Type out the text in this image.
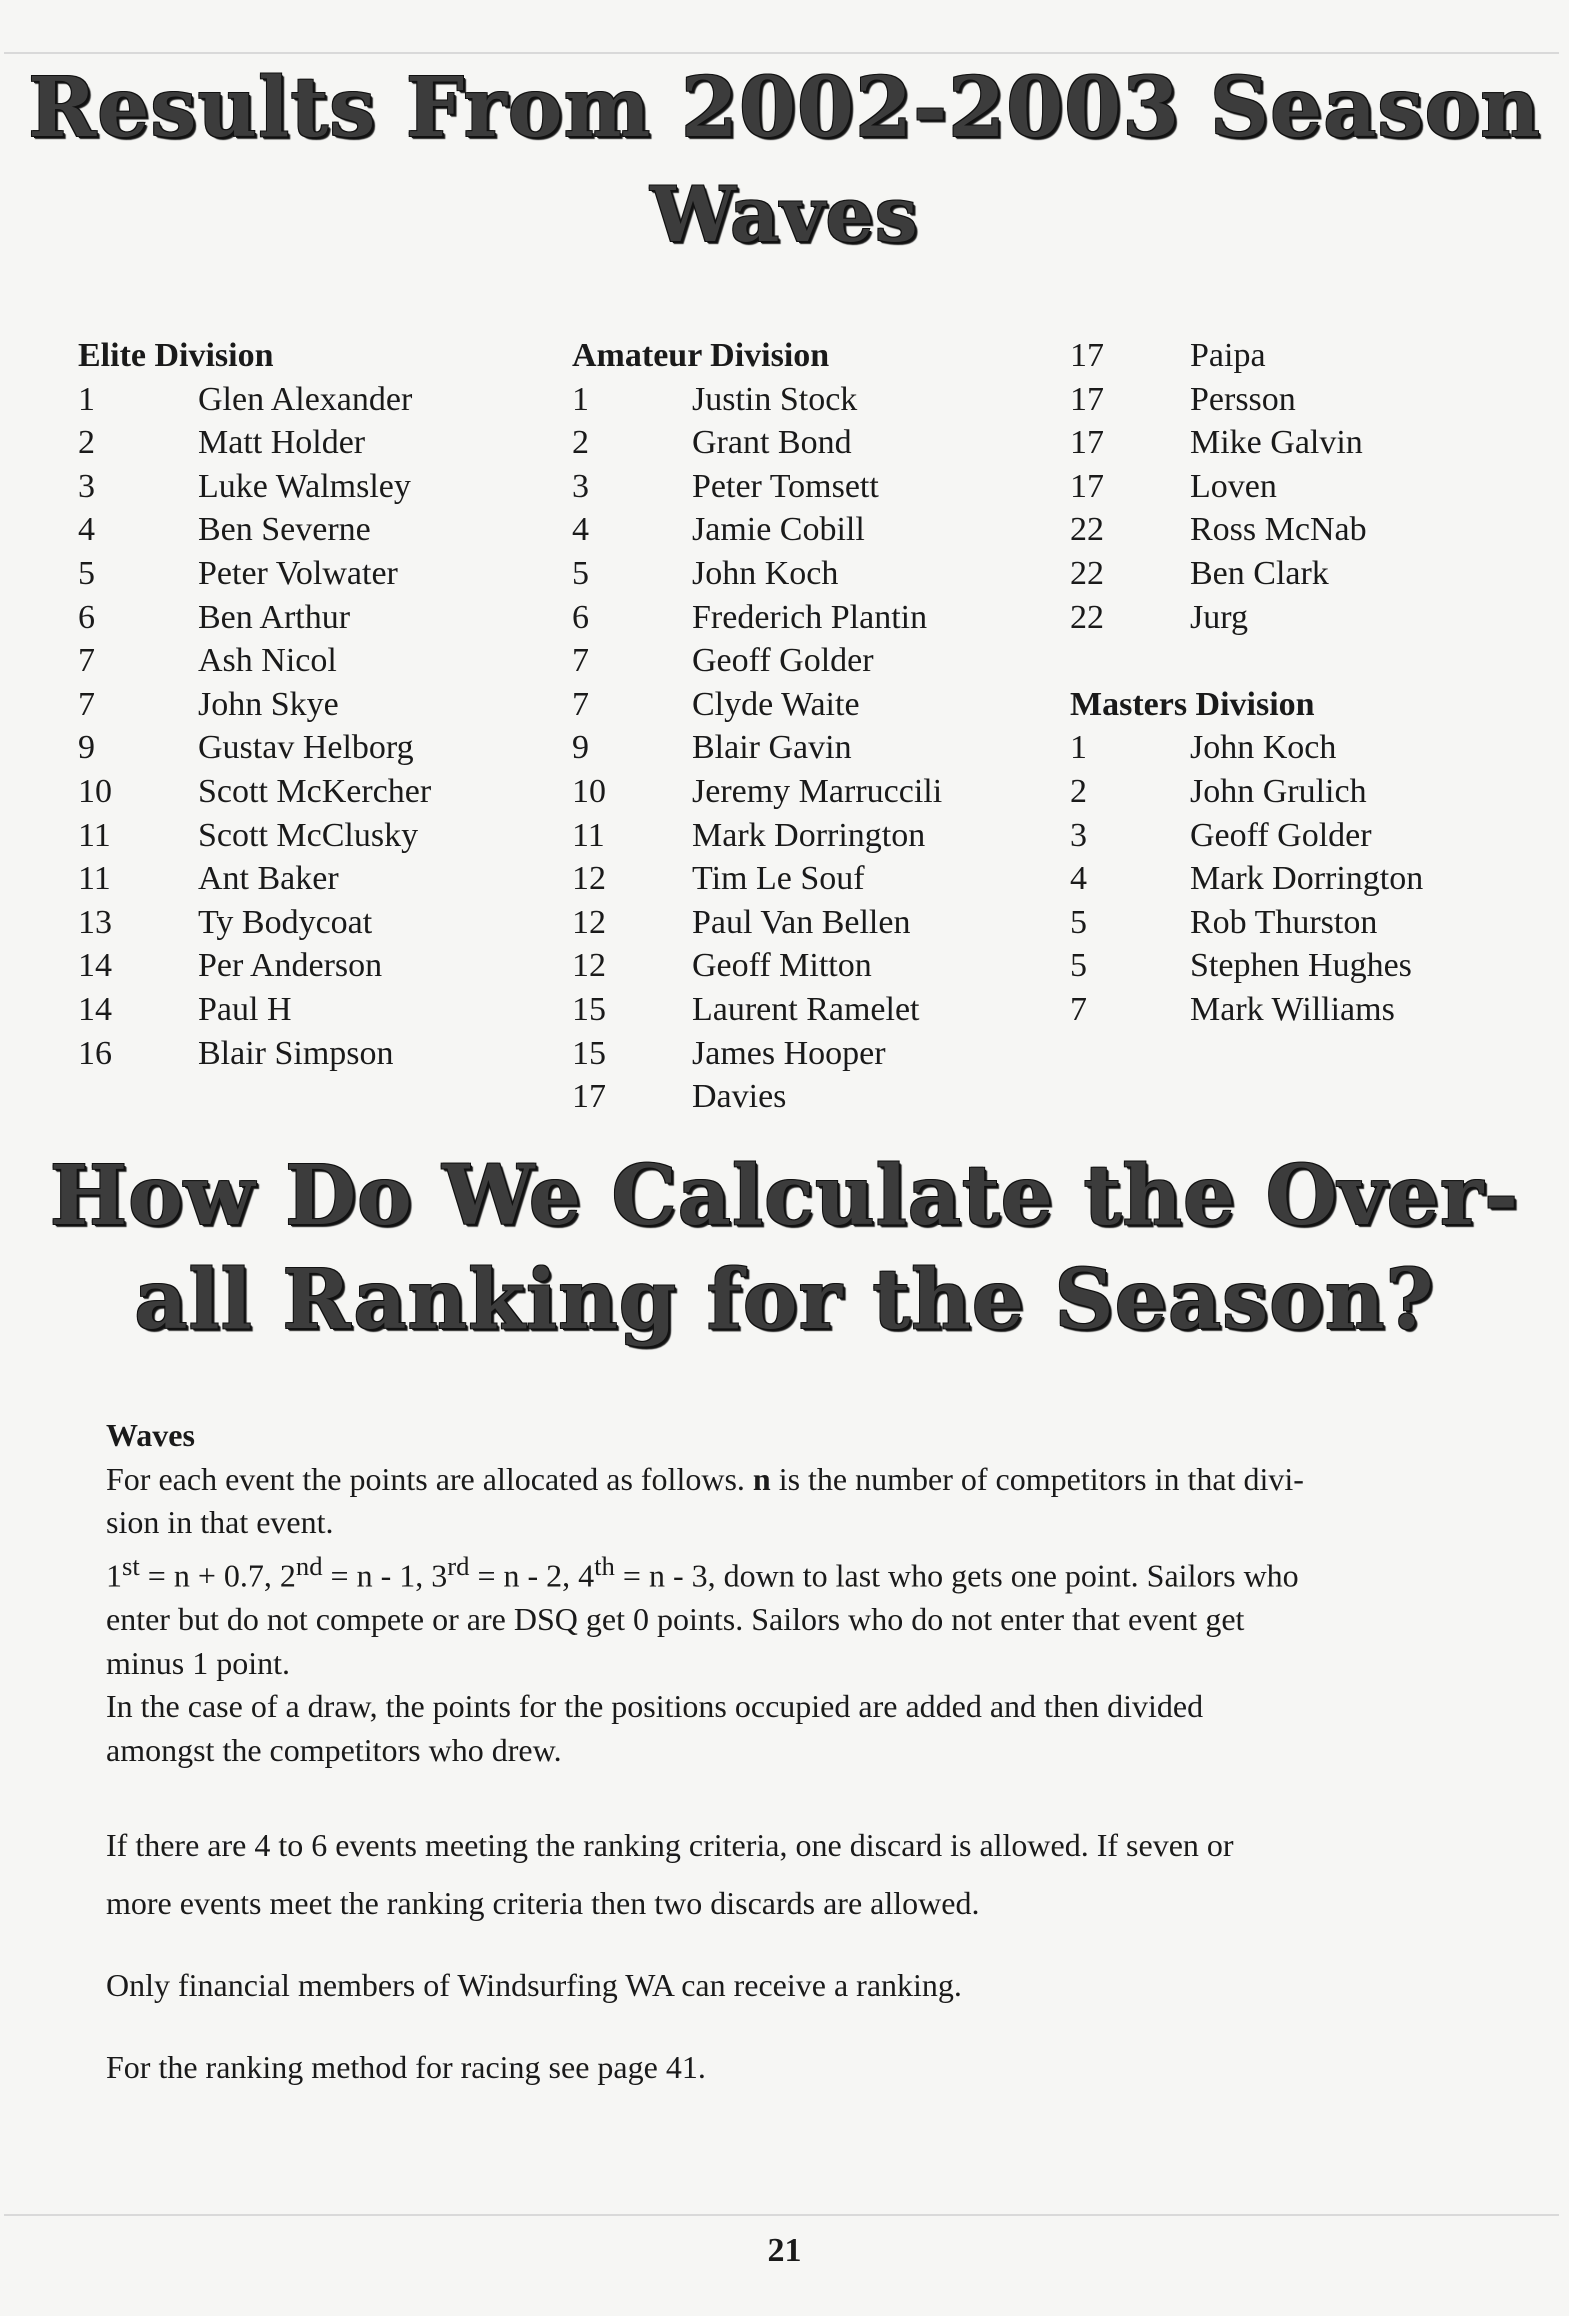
Results From 2002-2003 Season
Waves
Elite Division
1	Glen Alexander
2	Matt Holder
3	Luke Walmsley
4	Ben Severne
5	Peter Volwater
6	Ben Arthur
7	Ash Nicol
7	John Skye
9	Gustav Helborg
10	Scott McKercher
11	Scott McClusky
11	Ant Baker
13	Ty Bodycoat
14	Per Anderson
14	Paul H
16	Blair Simpson
Amateur Division
1	Justin Stock
2	Grant Bond
3	Peter Tomsett
4	Jamie Cobill
5	John Koch
6	Frederich Plantin
7	Geoff Golder
7	Clyde Waite
9	Blair Gavin
10	Jeremy Marruccili
11	Mark Dorrington
12	Tim Le Souf
12	Paul Van Bellen
12	Geoff Mitton
15	Laurent Ramelet
15	James Hooper
17	Davies
17	Paipa
17	Persson
17	Mike Galvin
17	Loven
22	Ross McNab
22	Ben Clark
22	Jurg
Masters Division
1	John Koch
2	John Grulich
3	Geoff Golder
4	Mark Dorrington
5	Rob Thurston
5	Stephen Hughes
7	Mark Williams
How Do We Calculate the Over-
all Ranking for the Season?

Waves

For each event the points are allocated as follows. n is the number of competitors in that divi-

sion in that event.

1st = n + 0.7, 2nd = n - 1, 3rd = n - 2, 4th = n - 3, down to last who gets one point. Sailors who

enter but do not compete or are DSQ get 0 points. Sailors who do not enter that event get

minus 1 point.

In the case of a draw, the points for the positions occupied are added and then divided

amongst the competitors who drew.

If there are 4 to 6 events meeting the ranking criteria, one discard is allowed. If seven or

more events meet the ranking criteria then two discards are allowed.

Only financial members of Windsurfing WA can receive a ranking.

For the ranking method for racing see page 41.

21
